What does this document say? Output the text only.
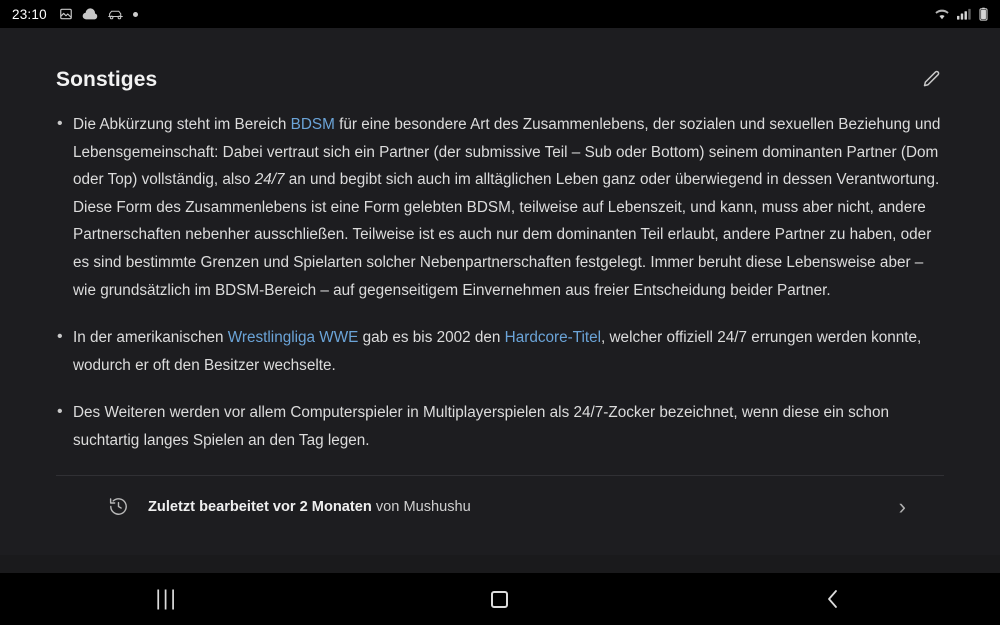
23:10
Sonstiges
• Die Abkürzung steht im Bereich BDSM für eine besondere Art des Zusammenlebens, der sozialen und sexuellen Beziehung und Lebensgemeinschaft: Dabei vertraut sich ein Partner (der submissive Teil – Sub oder Bottom) seinem dominanten Partner (Dom oder Top) vollständig, also 24/7 an und begibt sich auch im alltäglichen Leben ganz oder überwiegend in dessen Verantwortung. Diese Form des Zusammenlebens ist eine Form gelebten BDSM, teilweise auf Lebenszeit, und kann, muss aber nicht, andere Partnerschaften nebenher ausschließen. Teilweise ist es auch nur dem dominanten Teil erlaubt, andere Partner zu haben, oder es sind bestimmte Grenzen und Spielarten solcher Nebenpartnerschaften festgelegt. Immer beruht diese Lebensweise aber – wie grundsätzlich im BDSM-Bereich – auf gegenseitigem Einvernehmen aus freier Entscheidung beider Partner.
• In der amerikanischen Wrestlingliga WWE gab es bis 2002 den Hardcore-Titel, welcher offiziell 24/7 errungen werden konnte, wodurch er oft den Besitzer wechselte.
• Des Weiteren werden vor allem Computerspieler in Multiplayerspielen als 24/7-Zocker bezeichnet, wenn diese ein schon suchtartig langes Spielen an den Tag legen.
Zuletzt bearbeitet vor 2 Monaten von Mushushu	›
|||
